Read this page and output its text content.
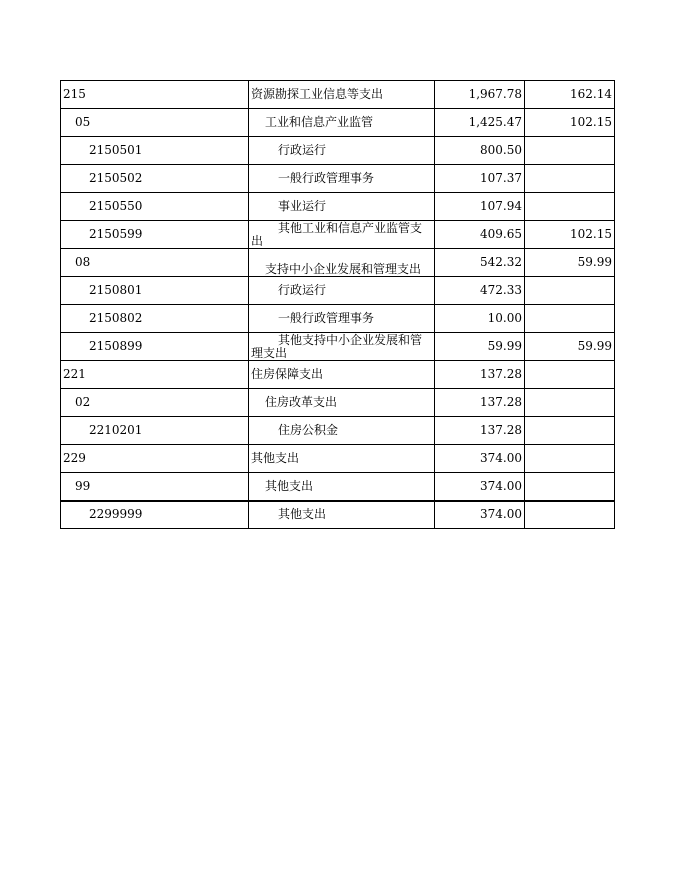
215	资源勘探工业信息等支出	1,967.78	162.14
05	工业和信息产业监管	1,425.47	102.15
2150501	行政运行	800.50	
2150502	一般行政管理事务	107.37	
2150550	事业运行	107.94	
2150599	其他工业和信息产业监管支出	409.65	102.15
08	支持中小企业发展和管理支出	542.32	59.99
2150801	行政运行	472.33	
2150802	一般行政管理事务	10.00	
2150899	其他支持中小企业发展和管理支出	59.99	59.99
221	住房保障支出	137.28	
02	住房改革支出	137.28	
2210201	住房公积金	137.28	
229	其他支出	374.00	
99	其他支出	374.00	
2299999	其他支出	374.00	
